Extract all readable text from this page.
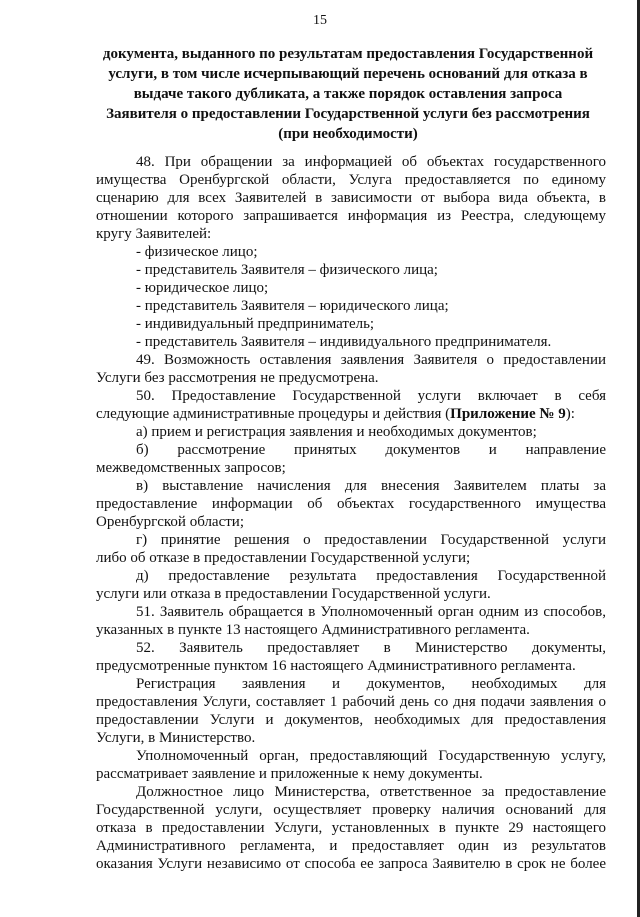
15
документа, выданного по результатам предоставления Государственной
услуги, в том числе исчерпывающий перечень оснований для отказа в
выдаче такого дубликата, а также порядок оставления запроса
Заявителя о предоставлении Государственной услуги без рассмотрения
(при необходимости)
48. При обращении за информацией об объектах государственного
имущества Оренбургской области, Услуга предоставляется по единому
сценарию для всех Заявителей в зависимости от выбора вида объекта, в
отношении которого запрашивается информация из Реестра, следующему
кругу Заявителей:
- физическое лицо;
- представитель Заявителя – физического лица;
- юридическое лицо;
- представитель Заявителя – юридического лица;
- индивидуальный предприниматель;
- представитель Заявителя – индивидуального предпринимателя.
49. Возможность оставления заявления Заявителя о предоставлении
Услуги без рассмотрения не предусмотрена.
50. Предоставление Государственной услуги включает в себя
следующие административные процедуры и действия (Приложение № 9):
а) прием и регистрация заявления и необходимых документов;
б) рассмотрение принятых документов и направление
межведомственных запросов;
в) выставление начисления для внесения Заявителем платы за
предоставление информации об объектах государственного имущества
Оренбургской области;
г) принятие решения о предоставлении Государственной услуги
либо об отказе в предоставлении Государственной услуги;
д) предоставление результата предоставления Государственной
услуги или отказа в предоставлении Государственной услуги.
51. Заявитель обращается в Уполномоченный орган одним из способов,
указанных в пункте 13 настоящего Административного регламента.
52. Заявитель предоставляет в Министерство документы,
предусмотренные пунктом 16 настоящего Административного регламента.
Регистрация заявления и документов, необходимых для
предоставления Услуги, составляет 1 рабочий день со дня подачи заявления о
предоставлении Услуги и документов, необходимых для предоставления
Услуги, в Министерство.
Уполномоченный орган, предоставляющий Государственную услугу,
рассматривает заявление и приложенные к нему документы.
Должностное лицо Министерства, ответственное за предоставление
Государственной услуги, осуществляет проверку наличия оснований для
отказа в предоставлении Услуги, установленных в пункте 29 настоящего
Административного регламента, и предоставляет один из результатов
оказания Услуги независимо от способа ее запроса Заявителю в срок не более
